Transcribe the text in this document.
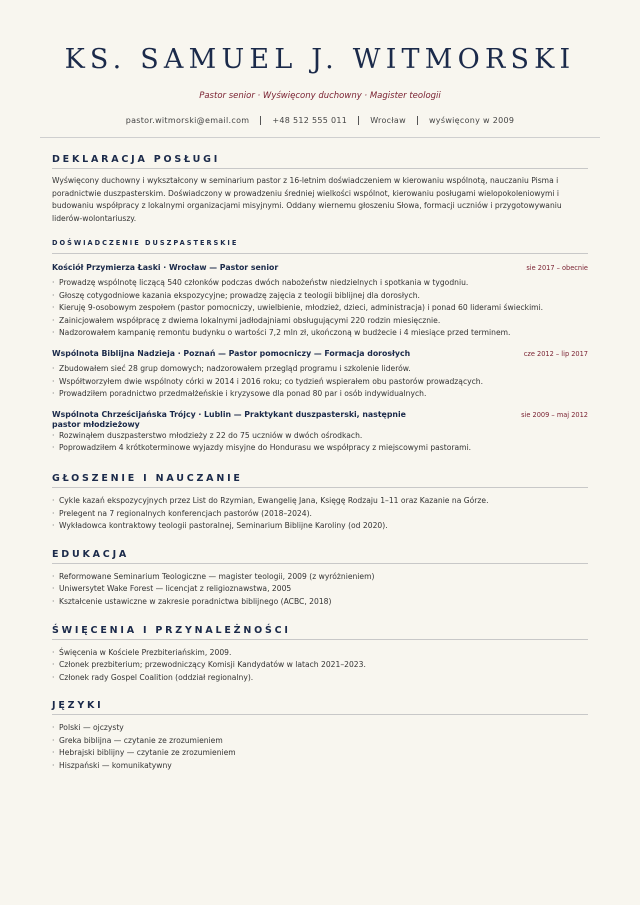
KS. SAMUEL J. WITMORSKI
Pastor senior · Wyświęcony duchowny · Magister teologii
pastor.witmorski@email.com	+48 512 555 011	Wrocław	wyświęcony w 2009
DEKLARACJA POSŁUGI
Wyświęcony duchowny i wykształcony w seminarium pastor z 16-letnim doświadczeniem w kierowaniu wspólnotą, nauczaniu Pisma i poradnictwie duszpasterskim. Doświadczony w prowadzeniu średniej wielkości wspólnot, kierowaniu posługami wielopokoleniowymi i budowaniu współpracy z lokalnymi organizacjami misyjnymi. Oddany wiernemu głoszeniu Słowa, formacji uczniów i przygotowywaniu liderów-wolontariuszy.
DOŚWIADCZENIE DUSZPASTERSKIE
Kościół Przymierza Łaski · Wrocław — Pastor senior	sie 2017 – obecnie
· Prowadzę wspólnotę liczącą 540 członków podczas dwóch nabożeństw niedzielnych i spotkania w tygodniu.
· Głoszę cotygodniowe kazania ekspozycyjne; prowadzę zajęcia z teologii biblijnej dla dorosłych.
· Kieruję 9-osobowym zespołem (pastor pomocniczy, uwielbienie, młodzież, dzieci, administracja) i ponad 60 liderami świeckimi.
· Zainicjowałem współpracę z dwiema lokalnymi jadłodajniami obsługującymi 220 rodzin miesięcznie.
· Nadzorowałem kampanię remontu budynku o wartości 7,2 mln zł, ukończoną w budżecie i 4 miesiące przed terminem.
Wspólnota Biblijna Nadzieja · Poznań — Pastor pomocniczy — Formacja dorosłych	cze 2012 – lip 2017
· Zbudowałem sieć 28 grup domowych; nadzorowałem przegląd programu i szkolenie liderów.
· Współtworzyłem dwie wspólnoty córki w 2014 i 2016 roku; co tydzień wspierałem obu pastorów prowadzących.
· Prowadziłem poradnictwo przedmałżeńskie i kryzysowe dla ponad 80 par i osób indywidualnych.
Wspólnota Chrześcijańska Trójcy · Lublin — Praktykant duszpasterski, następnie pastor młodzieżowy
sie 2009 – maj 2012
· Rozwinąłem duszpasterstwo młodzieży z 22 do 75 uczniów w dwóch ośrodkach.
· Poprowadziłem 4 krótkoterminowe wyjazdy misyjne do Hondurasu we współpracy z miejscowymi pastorami.
GŁOSZENIE I NAUCZANIE
· Cykle kazań ekspozycyjnych przez List do Rzymian, Ewangelię Jana, Księgę Rodzaju 1–11 oraz Kazanie na Górze.
· Prelegent na 7 regionalnych konferencjach pastorów (2018–2024).
· Wykładowca kontraktowy teologii pastoralnej, Seminarium Biblijne Karoliny (od 2020).
EDUKACJA
· Reformowane Seminarium Teologiczne — magister teologii, 2009 (z wyróżnieniem)
· Uniwersytet Wake Forest — licencjat z religioznawstwa, 2005
· Kształcenie ustawiczne w zakresie poradnictwa biblijnego (ACBC, 2018)
ŚWIĘCENIA I PRZYNALEŻNOŚCI
· Święcenia w Kościele Prezbiteriańskim, 2009.
· Członek prezbiterium; przewodniczący Komisji Kandydatów w latach 2021–2023.
· Członek rady Gospel Coalition (oddział regionalny).
JĘZYKI
· Polski — ojczysty
· Greka biblijna — czytanie ze zrozumieniem
· Hebrajski biblijny — czytanie ze zrozumieniem
· Hiszpański — komunikatywny
